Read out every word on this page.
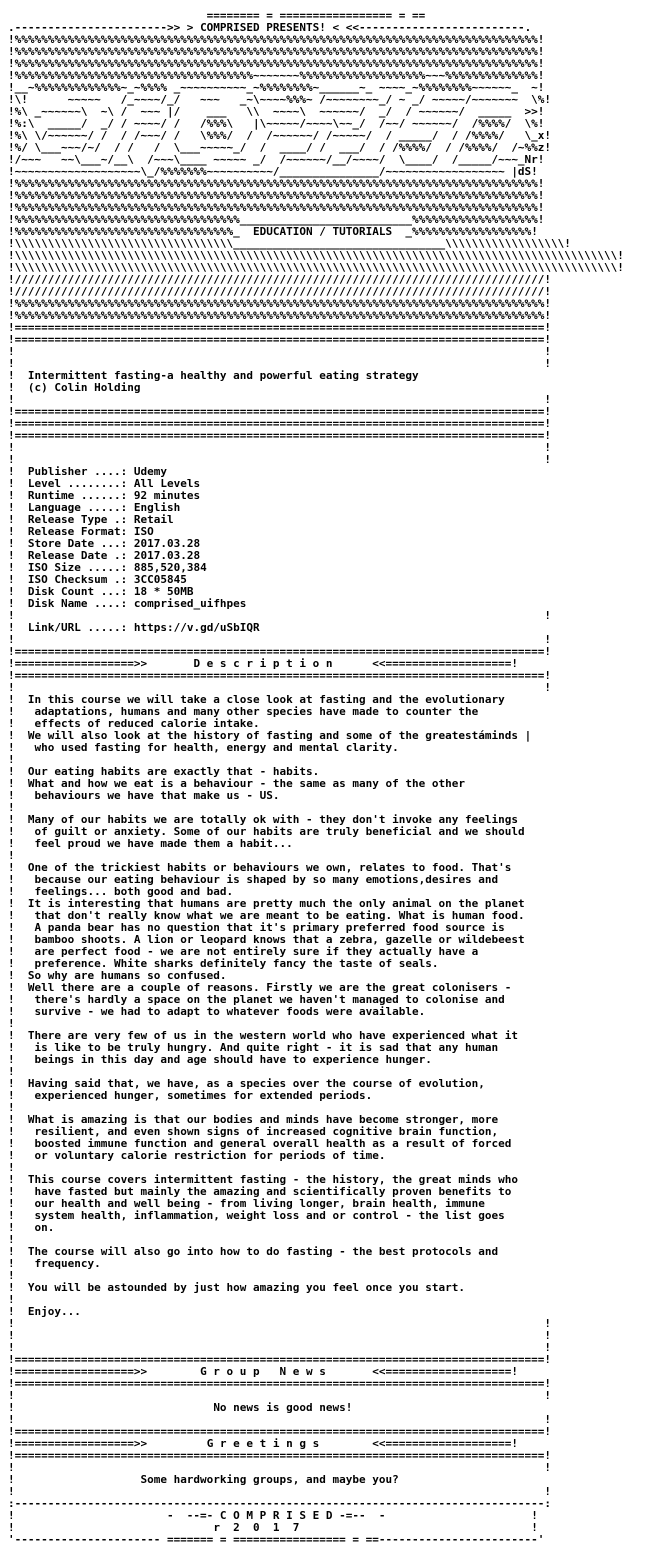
======== = ================= = ==
.----------------------->> > COMPRISED PRESENTS! < <<-------------------------.
!%%%%%%%%%%%%%%%%%%%%%%%%%%%%%%%%%%%%%%%%%%%%%%%%%%%%%%%%%%%%%%%%%%%%%%%%%%%%%%%!
!%%%%%%%%%%%%%%%%%%%%%%%%%%%%%%%%%%%%%%%%%%%%%%%%%%%%%%%%%%%%%%%%%%%%%%%%%%%%%%%!
!%%%%%%%%%%%%%%%%%%%%%%%%%%%%%%%%%%%%%%%%%%%%%%%%%%%%%%%%%%%%%%%%%%%%%%%%%%%%%%%!
!%%%%%%%%%%%%%%%%%%%%%%%%%%%%%%%%%%%%~~~~~~~%%%%%%%%%%%%%%%%%%%~~~%%%%%%%%%%%%%%!
!__~%%%%%%%%%%%%%~_~%%%% _~~~~~~~~~~_~%%%%%%%%~______~_ ~~~~_~%%%%%%%%~~~~~~_  ~!
!\!      ~~~~~   /_~~~~/_/   ~~~   _~\~~~~%%%~ /~~~~~~~~_/ ~ _/ ~~~~~/~~~~~~~  \%!
!%\ _~~~~~~\  ~\ /  ~~~ |/    ___   \\  ~~~~\  ~~~~~~/  _/  / ~~~~~~/  _____  >>!
!%:\  _____/  _/ / ~~~~/ /   /%%%\   |\~~~~~/~~~~\~~_/  /~~/ ~~~~~~/  /%%%%/  \%!
!%\ \/~~~~~~/ /  / /~~~/ /   \%%%/  /  /~~~~~~/ /~~~~~/  / _____/  / /%%%%/   \_x!
!%/ \___~~~/~/  / /   /  \___~~~~~_/  /  ____/ /  ___/  / /%%%%/  / /%%%%/  /~%%z!
!/~~~   ~~\___~/__\  /~~~\____ ~~~~~ _/  /~~~~~~/__/~~~~/  \____/  /_____/~~~_Nr!
!~~~~~~~~~~~~~~~~~~~\_/%%%%%%%~~~~~~~~~~/_______________/~~~~~~~~~~~~~~~~~~ |dS!
!%%%%%%%%%%%%%%%%%%%%%%%%%%%%%%%%%%%%%%%%%%%%%%%%%%%%%%%%%%%%%%%%%%%%%%%%%%%%%%%!
!%%%%%%%%%%%%%%%%%%%%%%%%%%%%%%%%%%%%%%%%%%%%%%%%%%%%%%%%%%%%%%%%%%%%%%%%%%%%%%%!
!%%%%%%%%%%%%%%%%%%%%%%%%%%%%%%%%%%%%%%%%%%%%%%%%%%%%%%%%%%%%%%%%%%%%%%%%%%%%%%%!
!%%%%%%%%%%%%%%%%%%%%%%%%%%%%%%%%%%__________________________%%%%%%%%%%%%%%%%%%%!
!%%%%%%%%%%%%%%%%%%%%%%%%%%%%%%%%%_  EDUCATION / TUTORIALS  _%%%%%%%%%%%%%%%%%%!
!\\\\\\\\\\\\\\\\\\\\\\\\\\\\\\\\\________________________________\\\\\\\\\\\\\\\\\\!
!\\\\\\\\\\\\\\\\\\\\\\\\\\\\\\\\\\\\\\\\\\\\\\\\\\\\\\\\\\\\\\\\\\\\\\\\\\\\\\\\\\\\\\\\\\\!
!\\\\\\\\\\\\\\\\\\\\\\\\\\\\\\\\\\\\\\\\\\\\\\\\\\\\\\\\\\\\\\\\\\\\\\\\\\\\\\\\\\\\\\\\\\\!
!////////////////////////////////////////////////////////////////////////////////!
!////////////////////////////////////////////////////////////////////////////////!
!%%%%%%%%%%%%%%%%%%%%%%%%%%%%%%%%%%%%%%%%%%%%%%%%%%%%%%%%%%%%%%%%%%%%%%%%%%%%%%%%!
!%%%%%%%%%%%%%%%%%%%%%%%%%%%%%%%%%%%%%%%%%%%%%%%%%%%%%%%%%%%%%%%%%%%%%%%%%%%%%%%%!
!================================================================================!
!================================================================================!
!                                                                                !
!                                                                                !
!  Intermittent fasting-a healthy and powerful eating strategy
!  (c) Colin Holding
!                                                                                !
!================================================================================!
!================================================================================!
!================================================================================!
!                                                                                !
!                                                                                !
!  Publisher ....: Udemy
!  Level ........: All Levels
!  Runtime ......: 92 minutes
!  Language .....: English
!  Release Type .: Retail
!  Release Format: ISO
!  Store Date ...: 2017.03.28
!  Release Date .: 2017.03.28
!  ISO Size .....: 885,520,384
!  ISO Checksum .: 3CC05845
!  Disk Count ...: 18 * 50MB
!  Disk Name ....: comprised_uifhpes
!                                                                                !
!  Link/URL .....: https://v.gd/uSbIQR
!                                                                                !
!================================================================================!
!==================>>       D e s c r i p t i o n      <<===================!
!================================================================================!
!                                                                                !
!  In this course we will take a close look at fasting and the evolutionary
!   adaptations, humans and many other species have made to counter the
!   effects of reduced calorie intake.
!  We will also look at the history of fasting and some of the greatestáminds |
!   who used fasting for health, energy and mental clarity.
!
!  Our eating habits are exactly that - habits.
!  What and how we eat is a behaviour - the same as many of the other
!   behaviours we have that make us - US.
!
!  Many of our habits we are totally ok with - they don't invoke any feelings
!   of guilt or anxiety. Some of our habits are truly beneficial and we should
!   feel proud we have made them a habit...
!
!  One of the trickiest habits or behaviours we own, relates to food. That's
!   because our eating behaviour is shaped by so many emotions,desires and
!   feelings... both good and bad.
!  It is interesting that humans are pretty much the only animal on the planet
!   that don't really know what we are meant to be eating. What is human food.
!   A panda bear has no question that it's primary preferred food source is
!   bamboo shoots. A lion or leopard knows that a zebra, gazelle or wildebeest
!   are perfect food - we are not entirely sure if they actually have a
!   preference. White sharks definitely fancy the taste of seals.
!  So why are humans so confused.
!  Well there are a couple of reasons. Firstly we are the great colonisers -
!   there's hardly a space on the planet we haven't managed to colonise and
!   survive - we had to adapt to whatever foods were available.
!
!  There are very few of us in the western world who have experienced what it
!   is like to be truly hungry. And quite right - it is sad that any human
!   beings in this day and age should have to experience hunger.
!
!  Having said that, we have, as a species over the course of evolution,
!   experienced hunger, sometimes for extended periods.
!
!  What is amazing is that our bodies and minds have become stronger, more
!   resilient, and even shown signs of increased cognitive brain function,
!   boosted immune function and general overall health as a result of forced
!   or voluntary calorie restriction for periods of time.
!
!  This course covers intermittent fasting - the history, the great minds who
!   have fasted but mainly the amazing and scientifically proven benefits to
!   our health and well being - from living longer, brain health, immune
!   system health, inflammation, weight loss and or control - the list goes
!   on.
!
!  The course will also go into how to do fasting - the best protocols and
!   frequency.
!
!  You will be astounded by just how amazing you feel once you start.
!
!  Enjoy...
!                                                                                !
!                                                                                !
!                                                                                !
!================================================================================!
!==================>>        G r o u p   N e w s       <<===================!
!================================================================================!
!                                                                                !
!                              No news is good news!
!                                                                                !
!================================================================================!
!==================>>         G r e e t i n g s        <<===================!
!================================================================================!
!                                                                                !
!                   Some hardworking groups, and maybe you?
!                                                                                !
:--------------------------------------------------------------------------------:
!                       -  --=- C O M P R I S E D -=--  -                      !
!                              r  2  0  1  7                                   !
'---------------------- ======= = ================= = ==------------------------'
